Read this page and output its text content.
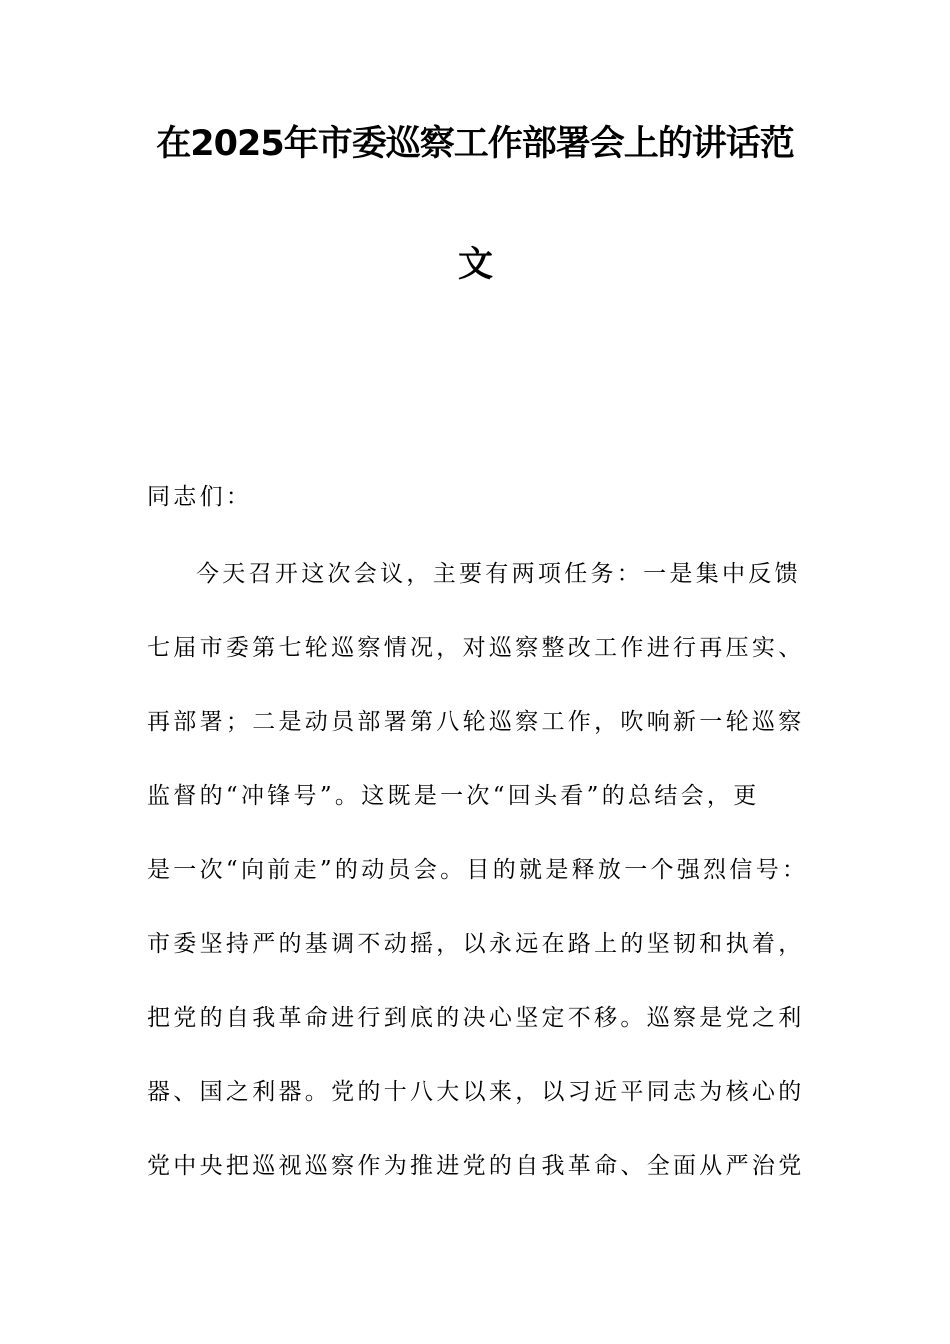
在2025年市委巡察工作部署会上的讲话范
文
同志们：
今天召开这次会议，主要有两项任务：一是集中反馈
七届市委第七轮巡察情况，对巡察整改工作进行再压实、
再部署；二是动员部署第八轮巡察工作，吹响新一轮巡察
监督的“冲锋号”。这既是一次“回头看”的总结会，更
是一次“向前走”的动员会。目的就是释放一个强烈信号：
市委坚持严的基调不动摇，以永远在路上的坚韧和执着，
把党的自我革命进行到底的决心坚定不移。巡察是党之利
器、国之利器。党的十八大以来，以习近平同志为核心的
党中央把巡视巡察作为推进党的自我革命、全面从严治党
